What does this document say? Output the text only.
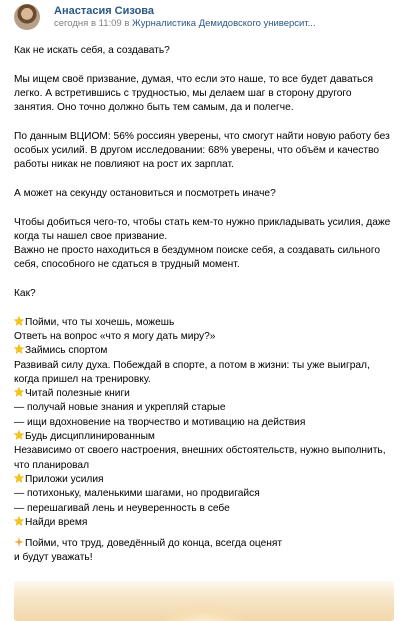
Анастасия Сизова
сегодня в 11:09 в Журналистика Демидовского университ...

Как не искать себя, а создавать?

Мы ищем своё призвание, думая, что если это наше, то все будет даваться легко. А встретившись с трудностью, мы делаем шаг в сторону другого занятия. Оно точно должно быть тем самым, да и полегче.

По данным ВЦИОМ: 56% россиян уверены, что смогут найти новую работу без особых усилий. В другом исследовании: 68% уверены, что объём и качество работы никак не повлияют на рост их зарплат.

А может на секунду остановиться и посмотреть иначе?

Чтобы добиться чего-то, чтобы стать кем-то нужно прикладывать усилия, даже когда ты нашел свое призвание.

Важно не просто находиться в бездумном поиске себя, а создавать сильного себя, способного не сдаться в трудный момент.

Как?

Пойми, что ты хочешь, можешь

Ответь на вопрос «что я могу дать миру?»

Займись спортом

Развивай силу духа. Побеждай в спорте, а потом в жизни: ты уже выиграл, когда пришел на тренировку.

Читай полезные книги

— получай новые знания и укрепляй старые

— ищи вдохновение на творчество и мотивацию на действия

Будь дисциплинированным

Независимо от своего настроения, внешних обстоятельств, нужно выполнить, что планировал

Приложи усилия

— потихоньку, маленькими шагами, но продвигайся

— перешагивай лень и неуверенность в себе

Найди время

Пойми, что труд, доведённый до конца, всегда оценят

и будут уважать!
